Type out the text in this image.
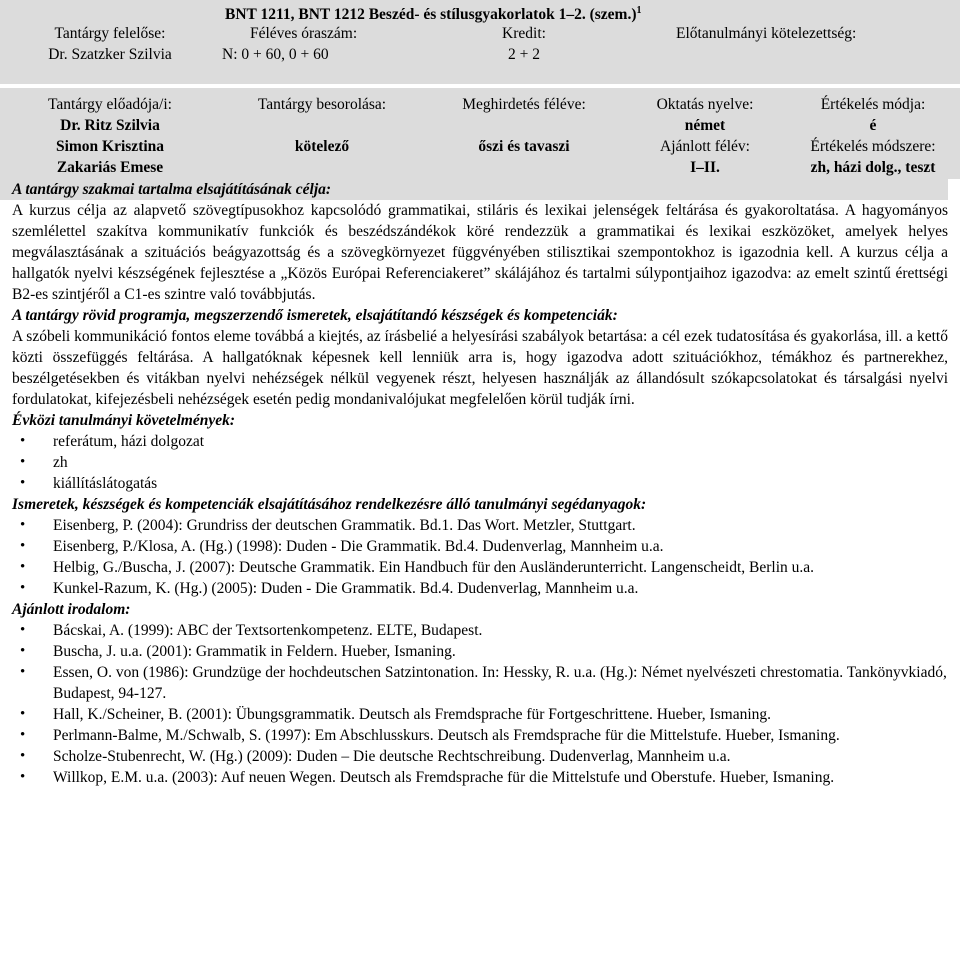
BNT 1211, BNT 1212 Beszéd- és stílusgyakorlatok 1–2. (szem.)$^1$
Tantárgy felelőse:
Dr. Szatzker Szilvia
Féléves óraszám:
N: 0 + 60, 0 + 60
Kredit:
2 + 2
Előtanulmányi kötelezettség:
Tantárgy előadója/i:
Dr. Ritz Szilvia
Simon Krisztina
Zakariás Emese
Tantárgy besorolása:
kötelező
Meghirdetés féléve:
őszi és tavaszi
Oktatás nyelve:
német
Ajánlott félév:
I–II.
Értékelés módja:
é
Értékelés módszere:
zh, házi dolg., teszt
A tantárgy szakmai tartalma elsajátításának célja:

A kurzus célja az alapvető szövegtípusokhoz kapcsolódó grammatikai, stiláris és lexikai jelenségek feltárása és gyakoroltatása. A hagyományos szemlélettel szakítva kommunikatív funkciók és beszédszándékok köré rendezzük a grammatikai és lexikai eszközöket, amelyek helyes megválasztásának a szituációs beágyazottság és a szövegkörnyezet függvényében stilisztikai szempontokhoz is igazodnia kell. A kurzus célja a hallgatók nyelvi készségének fejlesztése a „Közös Európai Referenciakeret” skálájához és tartalmi súlypontjaihoz igazodva: az emelt szintű érettségi B2-es szintjéről a C1-es szintre való továbbjutás.

A tantárgy rövid programja, megszerzendő ismeretek, elsajátítandó készségek és kompetenciák:

A szóbeli kommunikáció fontos eleme továbbá a kiejtés, az írásbelié a helyesírási szabályok betartása: a cél ezek tudatosítása és gyakorlása, ill. a kettő közti összefüggés feltárása. A hallgatóknak képesnek kell lenniük arra is, hogy igazodva adott szituációkhoz, témákhoz és partnerekhez, beszélgetésekben és vitákban nyelvi nehézségek nélkül vegyenek részt, helyesen használják az állandósult szókapcsolatokat és társalgási nyelvi fordulatokat, kifejezésbeli nehézségek esetén pedig mondanivalójukat megfelelően körül tudják írni.

Évközi tanulmányi követelmények:
• referátum, házi dolgozat
• zh
• kiállításlátogatás
Ismeretek, készségek és kompetenciák elsajátításához rendelkezésre álló tanulmányi segédanyagok:
• Eisenberg, P. (2004): Grundriss der deutschen Grammatik. Bd.1. Das Wort. Metzler, Stuttgart.
• Eisenberg, P./Klosa, A. (Hg.) (1998): Duden - Die Grammatik. Bd.4. Dudenverlag, Mannheim u.a.
• Helbig, G./Buscha, J. (2007): Deutsche Grammatik. Ein Handbuch für den Ausländerunterricht. Langenscheidt, Berlin u.a.
• Kunkel-Razum, K. (Hg.) (2005): Duden - Die Grammatik. Bd.4. Dudenverlag, Mannheim u.a.
Ajánlott irodalom:
• Bácskai, A. (1999): ABC der Textsortenkompetenz. ELTE, Budapest.
• Buscha, J. u.a. (2001): Grammatik in Feldern. Hueber, Ismaning.
• Essen, O. von (1986): Grundzüge der hochdeutschen Satzintonation. In: Hessky, R. u.a. (Hg.): Német nyelvészeti chrestomatia. Tankönyvkiadó, Budapest, 94-127.
• Hall, K./Scheiner, B. (2001): Übungsgrammatik. Deutsch als Fremdsprache für Fortgeschrittene. Hueber, Ismaning.
• Perlmann-Balme, M./Schwalb, S. (1997): Em Abschlusskurs. Deutsch als Fremdsprache für die Mittelstufe. Hueber, Ismaning.
• Scholze-Stubenrecht, W. (Hg.) (2009): Duden – Die deutsche Rechtschreibung. Dudenverlag, Mannheim u.a.
• Willkop, E.M. u.a. (2003): Auf neuen Wegen. Deutsch als Fremdsprache für die Mittelstufe und Oberstufe. Hueber, Ismaning.
